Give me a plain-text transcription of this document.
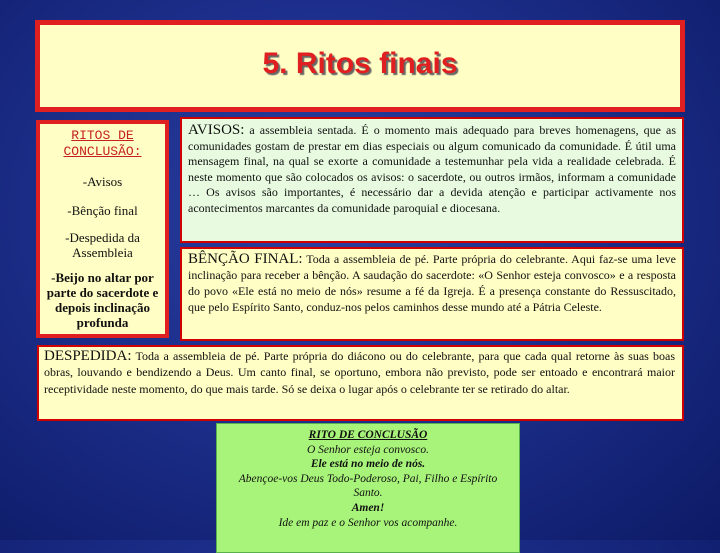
5. Ritos finais
RITOS DE CONCLUSÃO:
-Avisos
-Bênção final
-Despedida da Assembleia
-Beijo no altar por parte do sacerdote e depois inclinação profunda
AVISOS: a assembleia sentada. É o momento mais adequado para breves homenagens, que as comunidades gostam de prestar em dias especiais ou algum comunicado da comunidade. É útil uma mensagem final, na qual se exorte a comunidade a testemunhar pela vida a realidade celebrada. É neste momento que são colocados os avisos: o sacerdote, ou outros irmãos, informam a comunidade … Os avisos são importantes, é necessário dar a devida atenção e participar activamente nos acontecimentos marcantes da comunidade paroquial e diocesana.
BÊNÇÃO FINAL: Toda a assembleia de pé. Parte própria do celebrante. Aqui faz-se uma leve inclinação para receber a bênção. A saudação do sacerdote: «O Senhor esteja convosco» e a resposta do povo «Ele está no meio de nós» resume a fé da Igreja. É a presença constante do Ressuscitado, que pelo Espírito Santo, conduz-nos pelos caminhos desse mundo até a Pátria Celeste.
DESPEDIDA: Toda a assembleia de pé. Parte própria do diácono ou do celebrante, para que cada qual retorne às suas boas obras, louvando e bendizendo a Deus. Um canto final, se oportuno, embora não previsto, pode ser entoado e encontrará maior receptividade neste momento, do que mais tarde. Só se deixa o lugar após o celebrante ter se retirado do altar.
RITO DE CONCLUSÃO
O Senhor esteja convosco.
Ele está no meio de nós.
Abençoe-vos Deus Todo-Poderoso, Pai, Filho e Espírito Santo.
Amen!
Ide em paz e o Senhor vos acompanhe.
